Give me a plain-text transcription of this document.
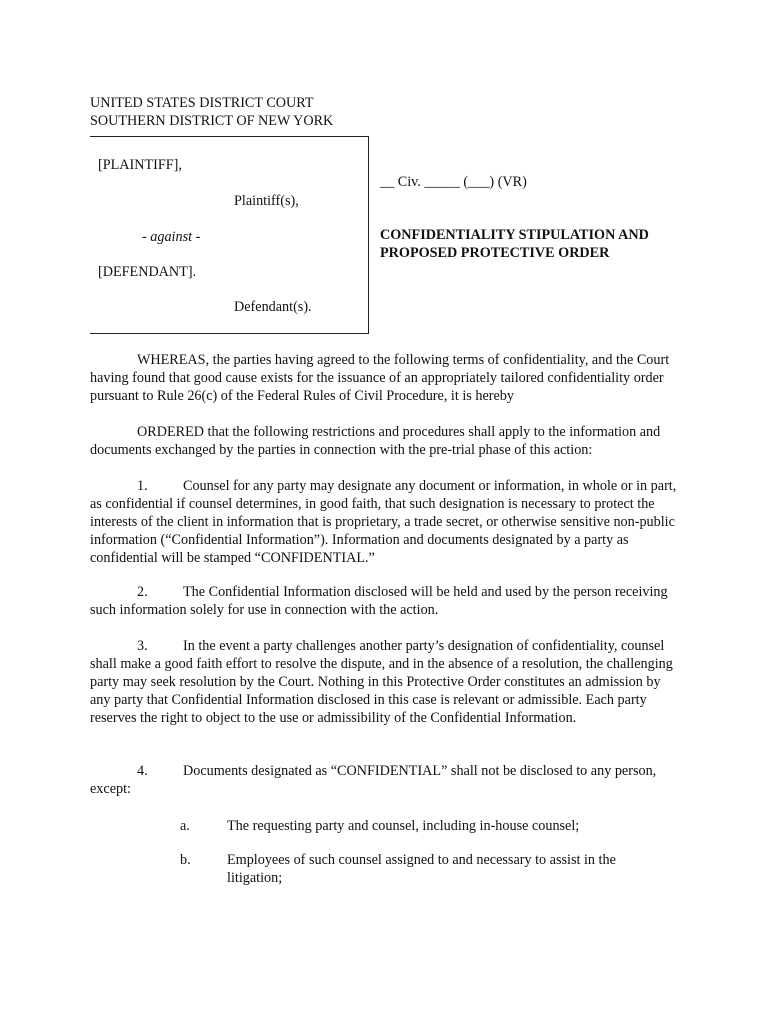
UNITED STATES DISTRICT COURT
SOUTHERN DISTRICT OF NEW YORK
[PLAINTIFF],
Plaintiff(s),
- against -
[DEFENDANT].
Defendant(s).
__ Civ. _____ (___) (VR)
CONFIDENTIALITY STIPULATION AND
PROPOSED PROTECTIVE ORDER
WHEREAS, the parties having agreed to the following terms of confidentiality, and the Court having found that good cause exists for the issuance of an appropriately tailored confidentiality order pursuant to Rule 26(c) of the Federal Rules of Civil Procedure, it is hereby
ORDERED that the following restrictions and procedures shall apply to the information and documents exchanged by the parties in connection with the pre-trial phase of this action:
1. Counsel for any party may designate any document or information, in whole or in part, as confidential if counsel determines, in good faith, that such designation is necessary to protect the interests of the client in information that is proprietary, a trade secret, or otherwise sensitive non-public information (“Confidential Information”). Information and documents designated by a party as confidential will be stamped “CONFIDENTIAL.”
2. The Confidential Information disclosed will be held and used by the person receiving such information solely for use in connection with the action.
3. In the event a party challenges another party’s designation of confidentiality, counsel shall make a good faith effort to resolve the dispute, and in the absence of a resolution, the challenging party may seek resolution by the Court. Nothing in this Protective Order constitutes an admission by any party that Confidential Information disclosed in this case is relevant or admissible. Each party reserves the right to object to the use or admissibility of the Confidential Information.
4. Documents designated as “CONFIDENTIAL” shall not be disclosed to any person, except:
a.	The requesting party and counsel, including in-house counsel;
b.	Employees of such counsel assigned to and necessary to assist in the litigation;
